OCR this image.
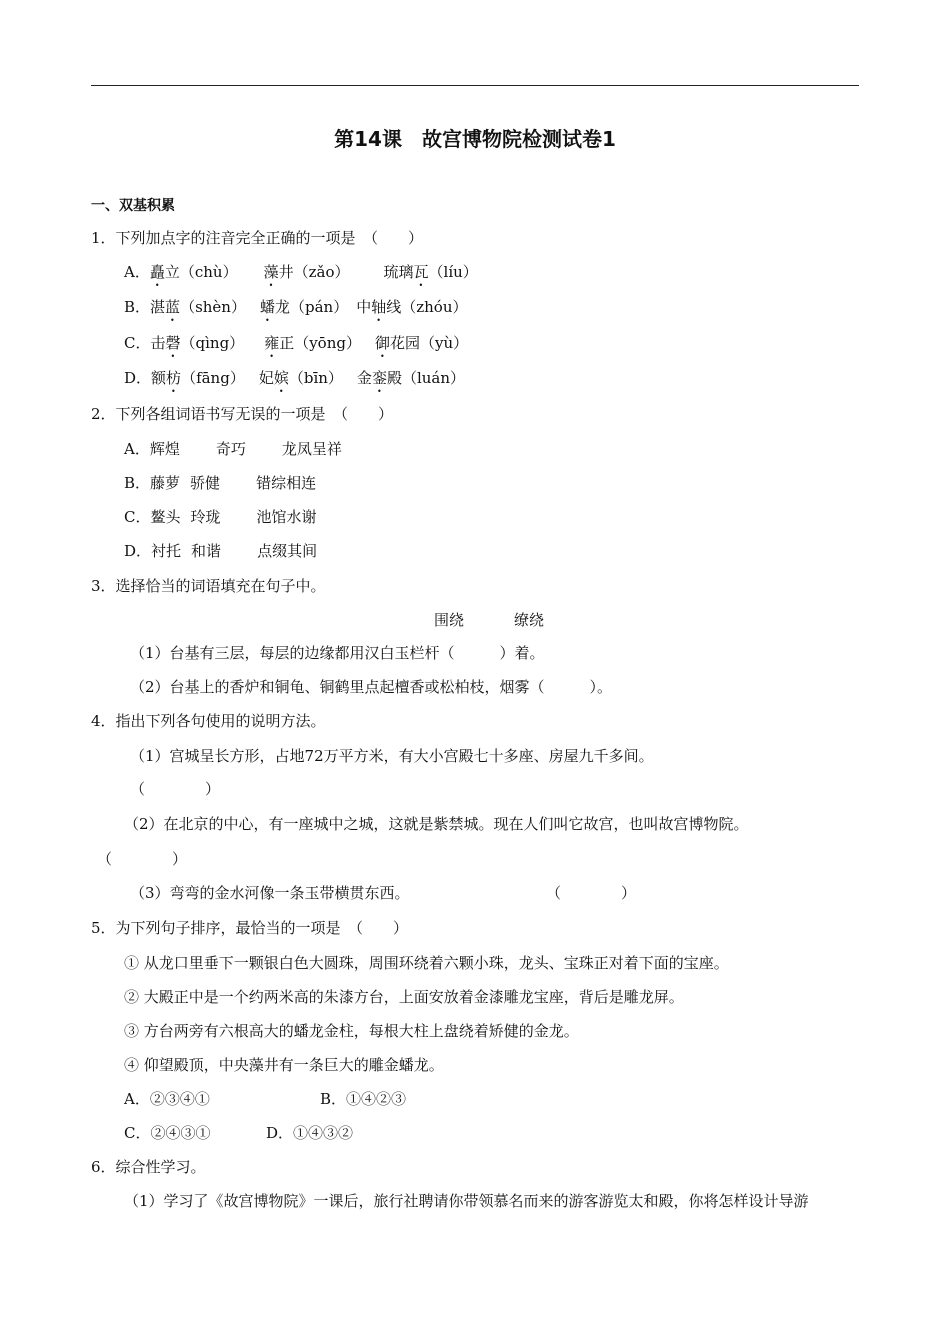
第14课　故宫博物院检测试卷1
一、双基积累
1．下列加点字的注音完全正确的一项是　（　　）
A．矗立（chù） 藻井（zǎo） 琉璃瓦（líu）
B．湛蓝（shèn） 蟠龙（pán） 中轴线（zhóu）
C．击磬（qìng） 雍正（yōng） 御花园（yù）
D．额枋（fāng） 妃嫔（bīn） 金銮殿（luán）
2．下列各组词语书写无误的一项是　（　　）
A．辉煌 奇巧 龙凤呈祥
B．藤萝 骄健 错综相连
C．鳌头 玲珑 池馆水谢
D．衬托 和谐 点缀其间
3．选择恰当的词语填充在句子中。
围绕	缭绕
（1）台基有三层，每层的边缘都用汉白玉栏杆（　　　）着。
（2）台基上的香炉和铜龟、铜鹤里点起檀香或松柏枝，烟雾（　　　）。
4．指出下列各句使用的说明方法。
（1）宫城呈长方形，占地72万平方米，有大小宫殿七十多座、房屋九千多间。
（　　　　）
（2）在北京的中心，有一座城中之城，这就是紫禁城。现在人们叫它故宫，也叫故宫博物院。
（　　　　）
（3）弯弯的金水河像一条玉带横贯东西。	（　　　　）
5．为下列句子排序，最恰当的一项是　（　　）
① 从龙口里垂下一颗银白色大圆珠，周围环绕着六颗小珠，龙头、宝珠正对着下面的宝座。
② 大殿正中是一个约两米高的朱漆方台，上面安放着金漆雕龙宝座，背后是雕龙屏。
③ 方台两旁有六根高大的蟠龙金柱，每根大柱上盘绕着矫健的金龙。
④ 仰望殿顶，中央藻井有一条巨大的雕金蟠龙。
A．②③④①	B．①④②③
C．②④③①	D．①④③②
6．综合性学习。
（1）学习了《故宫博物院》一课后，旅行社聘请你带领慕名而来的游客游览太和殿，你将怎样设计导游
